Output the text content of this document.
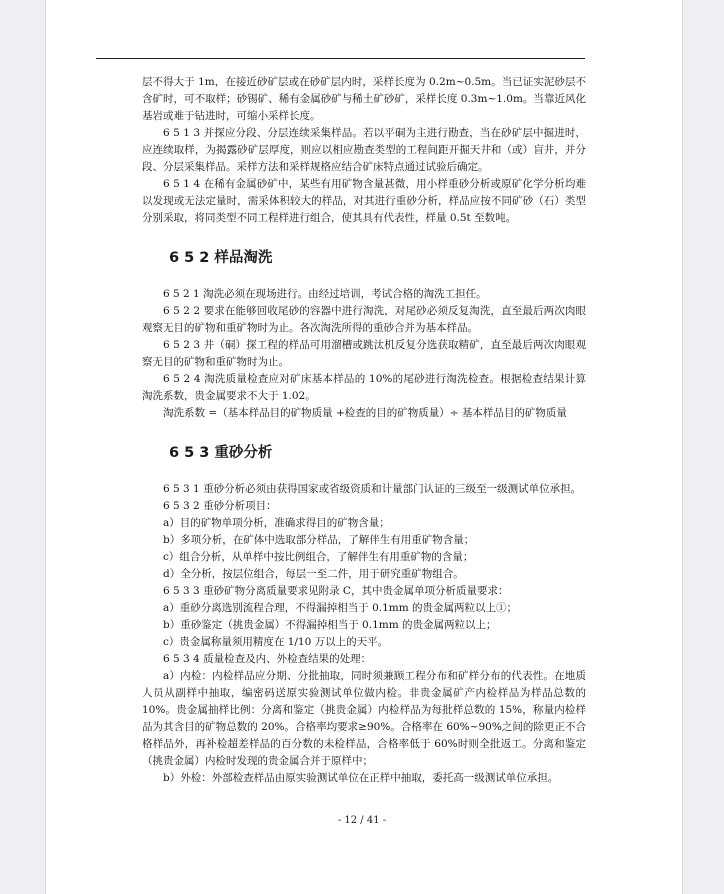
层不得大于 1m，在接近砂矿层或在砂矿层内时，采样长度为 0.2m~0.5m。当已证实泥砂层不含矿时，可不取样；砂锡矿、稀有金属砂矿与稀土矿砂矿，采样长度 0.3m~1.0m。当靠近风化基岩或难于钻进时，可缩小采样长度。

6 5 1 3 并探应分段、分层连续采集样品。若以平硐为主进行勘查，当在砂矿层中掘进时，应连续取样，为揭露砂矿层厚度，则应以相应勘查类型的工程间距开掘天井和（或）盲井，并分段、分层采集样品。采样方法和采样规格应结合矿床特点通过试验后确定。

6 5 1 4 在稀有金属砂矿中，某些有用矿物含量甚微，用小样重砂分析或原矿化学分析均难以发现或无法定量时，需采体积较大的样品，对其进行重砂分析，样品应按不同矿砂（石）类型分别采取，将同类型不同工程样进行组合，使其具有代表性，样量 0.5t 至数吨。

6 5 2 样品淘洗

6 5 2 1 淘洗必须在现场进行。由经过培训，考试合格的淘洗工担任。

6 5 2 2 要求在能够回收尾砂的容器中进行淘洗，对尾砂必须反复淘洗，直至最后两次肉眼观察无目的矿物和重矿物时为止。各次淘洗所得的重砂合并为基本样品。

6 5 2 3 井（硐）探工程的样品可用溜槽或跳汰机反复分选获取精矿，直至最后两次肉眼观察无目的矿物和重矿物时为止。

6 5 2 4 淘洗质量检查应对矿床基本样品的 10%的尾砂进行淘洗检查。根据检查结果计算淘洗系数，贵金属要求不大于 1.02。

淘洗系数 =（基本样品目的矿物质量 +检查的目的矿物质量）÷ 基本样品目的矿物质量

6 5 3 重砂分析

6 5 3 1 重砂分析必须由获得国家或省级资质和计量部门认证的三级至一级测试单位承担。

6 5 3 2 重砂分析项目：

a）目的矿物单项分析，准确求得目的矿物含量；

b）多项分析，在矿体中选取部分样品，了解伴生有用重矿物含量；

c）组合分析，从单样中按比例组合，了解伴生有用重矿物的含量；

d）全分析，按层位组合，每层一至二件，用于研究重矿物组合。

6 5 3 3 重砂矿物分离质量要求见附录 C，其中贵金属单项分析质量要求：

a）重砂分离选别流程合理，不得漏掉相当于 0.1mm 的贵金属两粒以上①；

b）重砂鉴定（挑贵金属）不得漏掉相当于 0.1mm 的贵金属两粒以上；

c）贵金属称量须用精度在 1/10 万以上的天平。

6 5 3 4 质量检查及内、外检查结果的处理：

a）内检：内检样品应分期、分批抽取，同时须兼顾工程分布和矿样分布的代表性。在地质人员从副样中抽取，编密码送原实验测试单位做内检。非贵金属矿产内检样品为样品总数的 10%。贵金属抽样比例：分离和鉴定（挑贵金属）内检样品为每批样总数的 15%，称量内检样品为其含目的矿物总数的 20%。合格率均要求≥90%。合格率在 60%~90%之间的除更正不合格样品外，再补检超差样品的百分数的未检样品，合格率低于 60%时则全批返工。分离和鉴定（挑贵金属）内检时发现的贵金属合并于原样中；

b）外检：外部检查样品由原实验测试单位在正样中抽取，委托高一级测试单位承担。

- 12 / 41 -
